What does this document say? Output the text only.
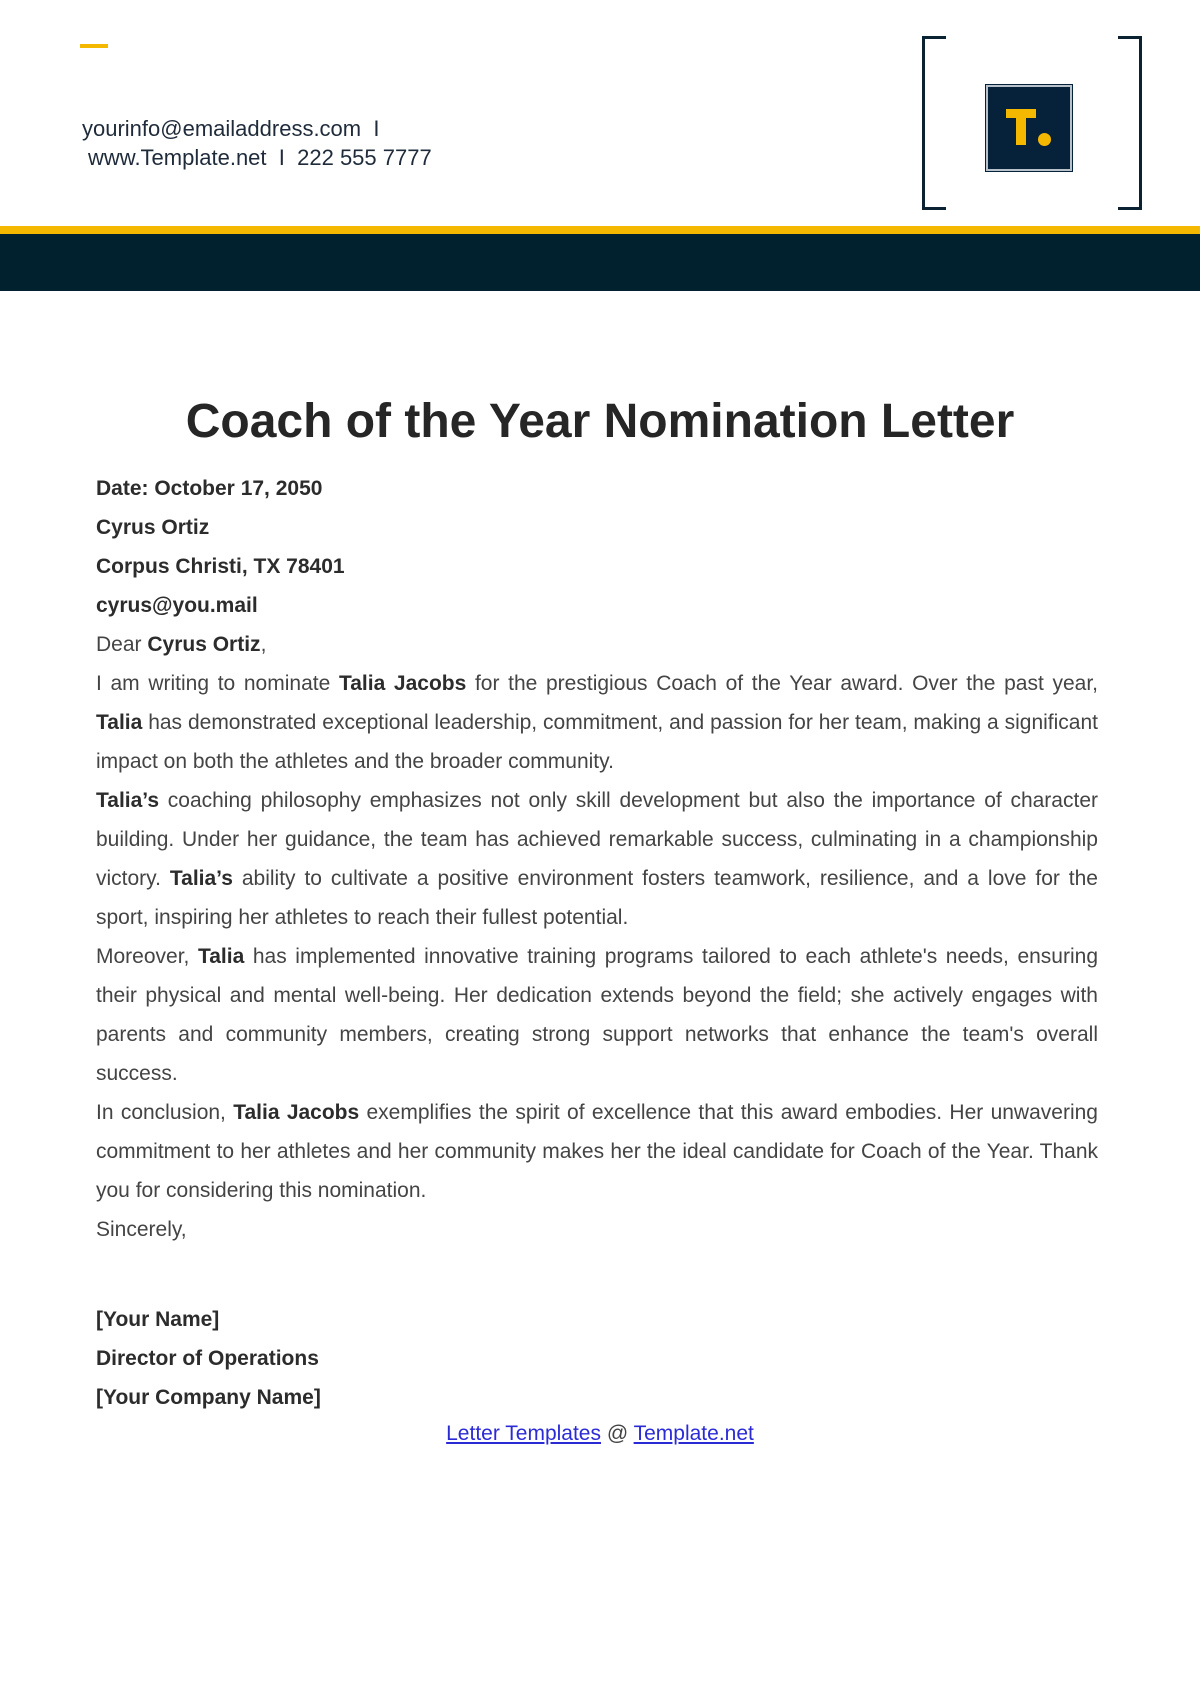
yourinfo@emailaddress.com I
www.Template.net I 222 555 7777
Coach of the Year Nomination Letter

Date: October 17, 2050

Cyrus Ortiz

Corpus Christi, TX 78401

cyrus@you.mail

Dear Cyrus Ortiz,

I am writing to nominate Talia Jacobs for the prestigious Coach of the Year award. Over the past year, Talia has demonstrated exceptional leadership, commitment, and passion for her team, making a significant impact on both the athletes and the broader community.

Talia’s coaching philosophy emphasizes not only skill development but also the importance of character building. Under her guidance, the team has achieved remarkable success, culminating in a championship victory. Talia’s ability to cultivate a positive environment fosters teamwork, resilience, and a love for the sport, inspiring her athletes to reach their fullest potential.

Moreover, Talia has implemented innovative training programs tailored to each athlete's needs, ensuring their physical and mental well-being. Her dedication extends beyond the field; she actively engages with parents and community members, creating strong support networks that enhance the team's overall success.

In conclusion, Talia Jacobs exemplifies the spirit of excellence that this award embodies. Her unwavering commitment to her athletes and her community makes her the ideal candidate for Coach of the Year. Thank you for considering this nomination.

Sincerely,

[Your Name]

Director of Operations

[Your Company Name]

Letter Templates @ Template.net
